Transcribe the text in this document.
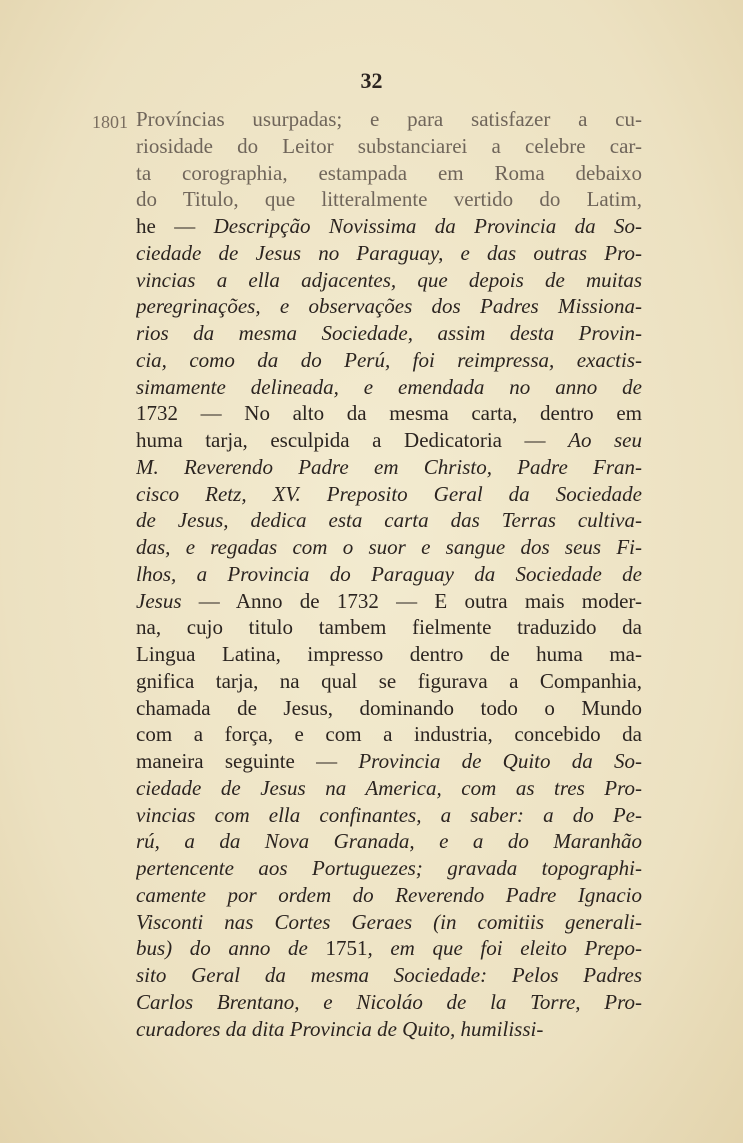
32
1801 Províncias usurpadas; e para satisfazer a cu-
riosidade do Leitor substanciarei a celebre car-
ta corographia, estampada em Roma debaixo
do Titulo, que litteralmente vertido do Latim,
he — Descripção Novissima da Provincia da So-
ciedade de Jesus no Paraguay, e das outras Pro-
vincias a ella adjacentes, que depois de muitas
peregrinações, e observações dos Padres Missiona-
rios da mesma Sociedade, assim desta Provin-
cia, como da do Perú, foi reimpressa, exactis-
simamente delineada, e emendada no anno de
1732 — No alto da mesma carta, dentro em
huma tarja, esculpida a Dedicatoria — Ao seu
M. Reverendo Padre em Christo, Padre Fran-
cisco Retz, XV. Preposito Geral da Sociedade
de Jesus, dedica esta carta das Terras cultiva-
das, e regadas com o suor e sangue dos seus Fi-
lhos, a Provincia do Paraguay da Sociedade de
Jesus — Anno de 1732 — E outra mais moder-
na, cujo titulo tambem fielmente traduzido da
Lingua Latina, impresso dentro de huma ma-
gnifica tarja, na qual se figurava a Companhia,
chamada de Jesus, dominando todo o Mundo
com a força, e com a industria, concebido da
maneira seguinte — Provincia de Quito da So-
ciedade de Jesus na America, com as tres Pro-
vincias com ella confinantes, a saber: a do Pe-
rú, a da Nova Granada, e a do Maranhão
pertencente aos Portuguezes; gravada topographi-
camente por ordem do Reverendo Padre Ignacio
Visconti nas Cortes Geraes (in comitiis generali-
bus) do anno de 1751, em que foi eleito Prepo-
sito Geral da mesma Sociedade: Pelos Padres
Carlos Brentano, e Nicoláo de la Torre, Pro-
curadores da dita Provincia de Quito, humilissi-
